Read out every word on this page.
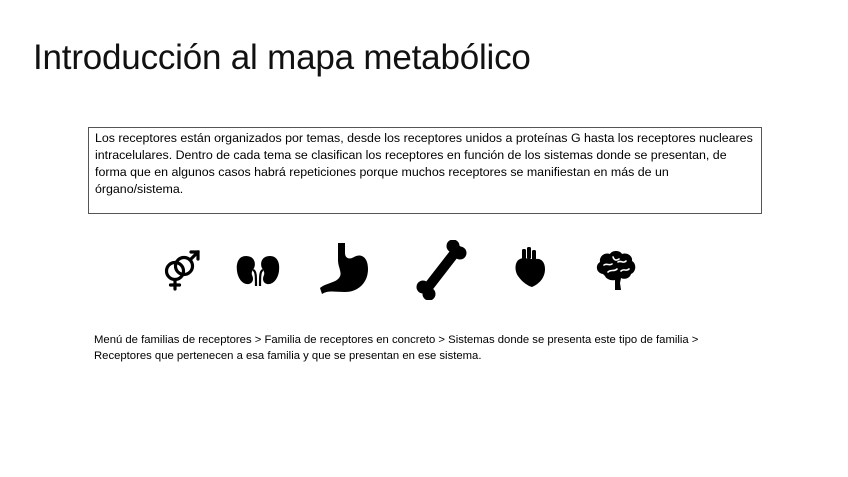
Introducción al mapa metabólico
Los receptores están organizados por temas, desde los receptores unidos a proteínas G hasta los receptores nucleares intracelulares. Dentro de cada tema se clasifican los receptores en función de los sistemas donde se presentan, de forma que en algunos casos habrá repeticiones porque muchos receptores se manifiestan en más de un órgano/sistema.
Menú de familias de receptores > Familia de receptores en concreto > Sistemas donde se presenta este tipo de familia > Receptores que pertenecen a esa familia y que se presentan en ese sistema.
